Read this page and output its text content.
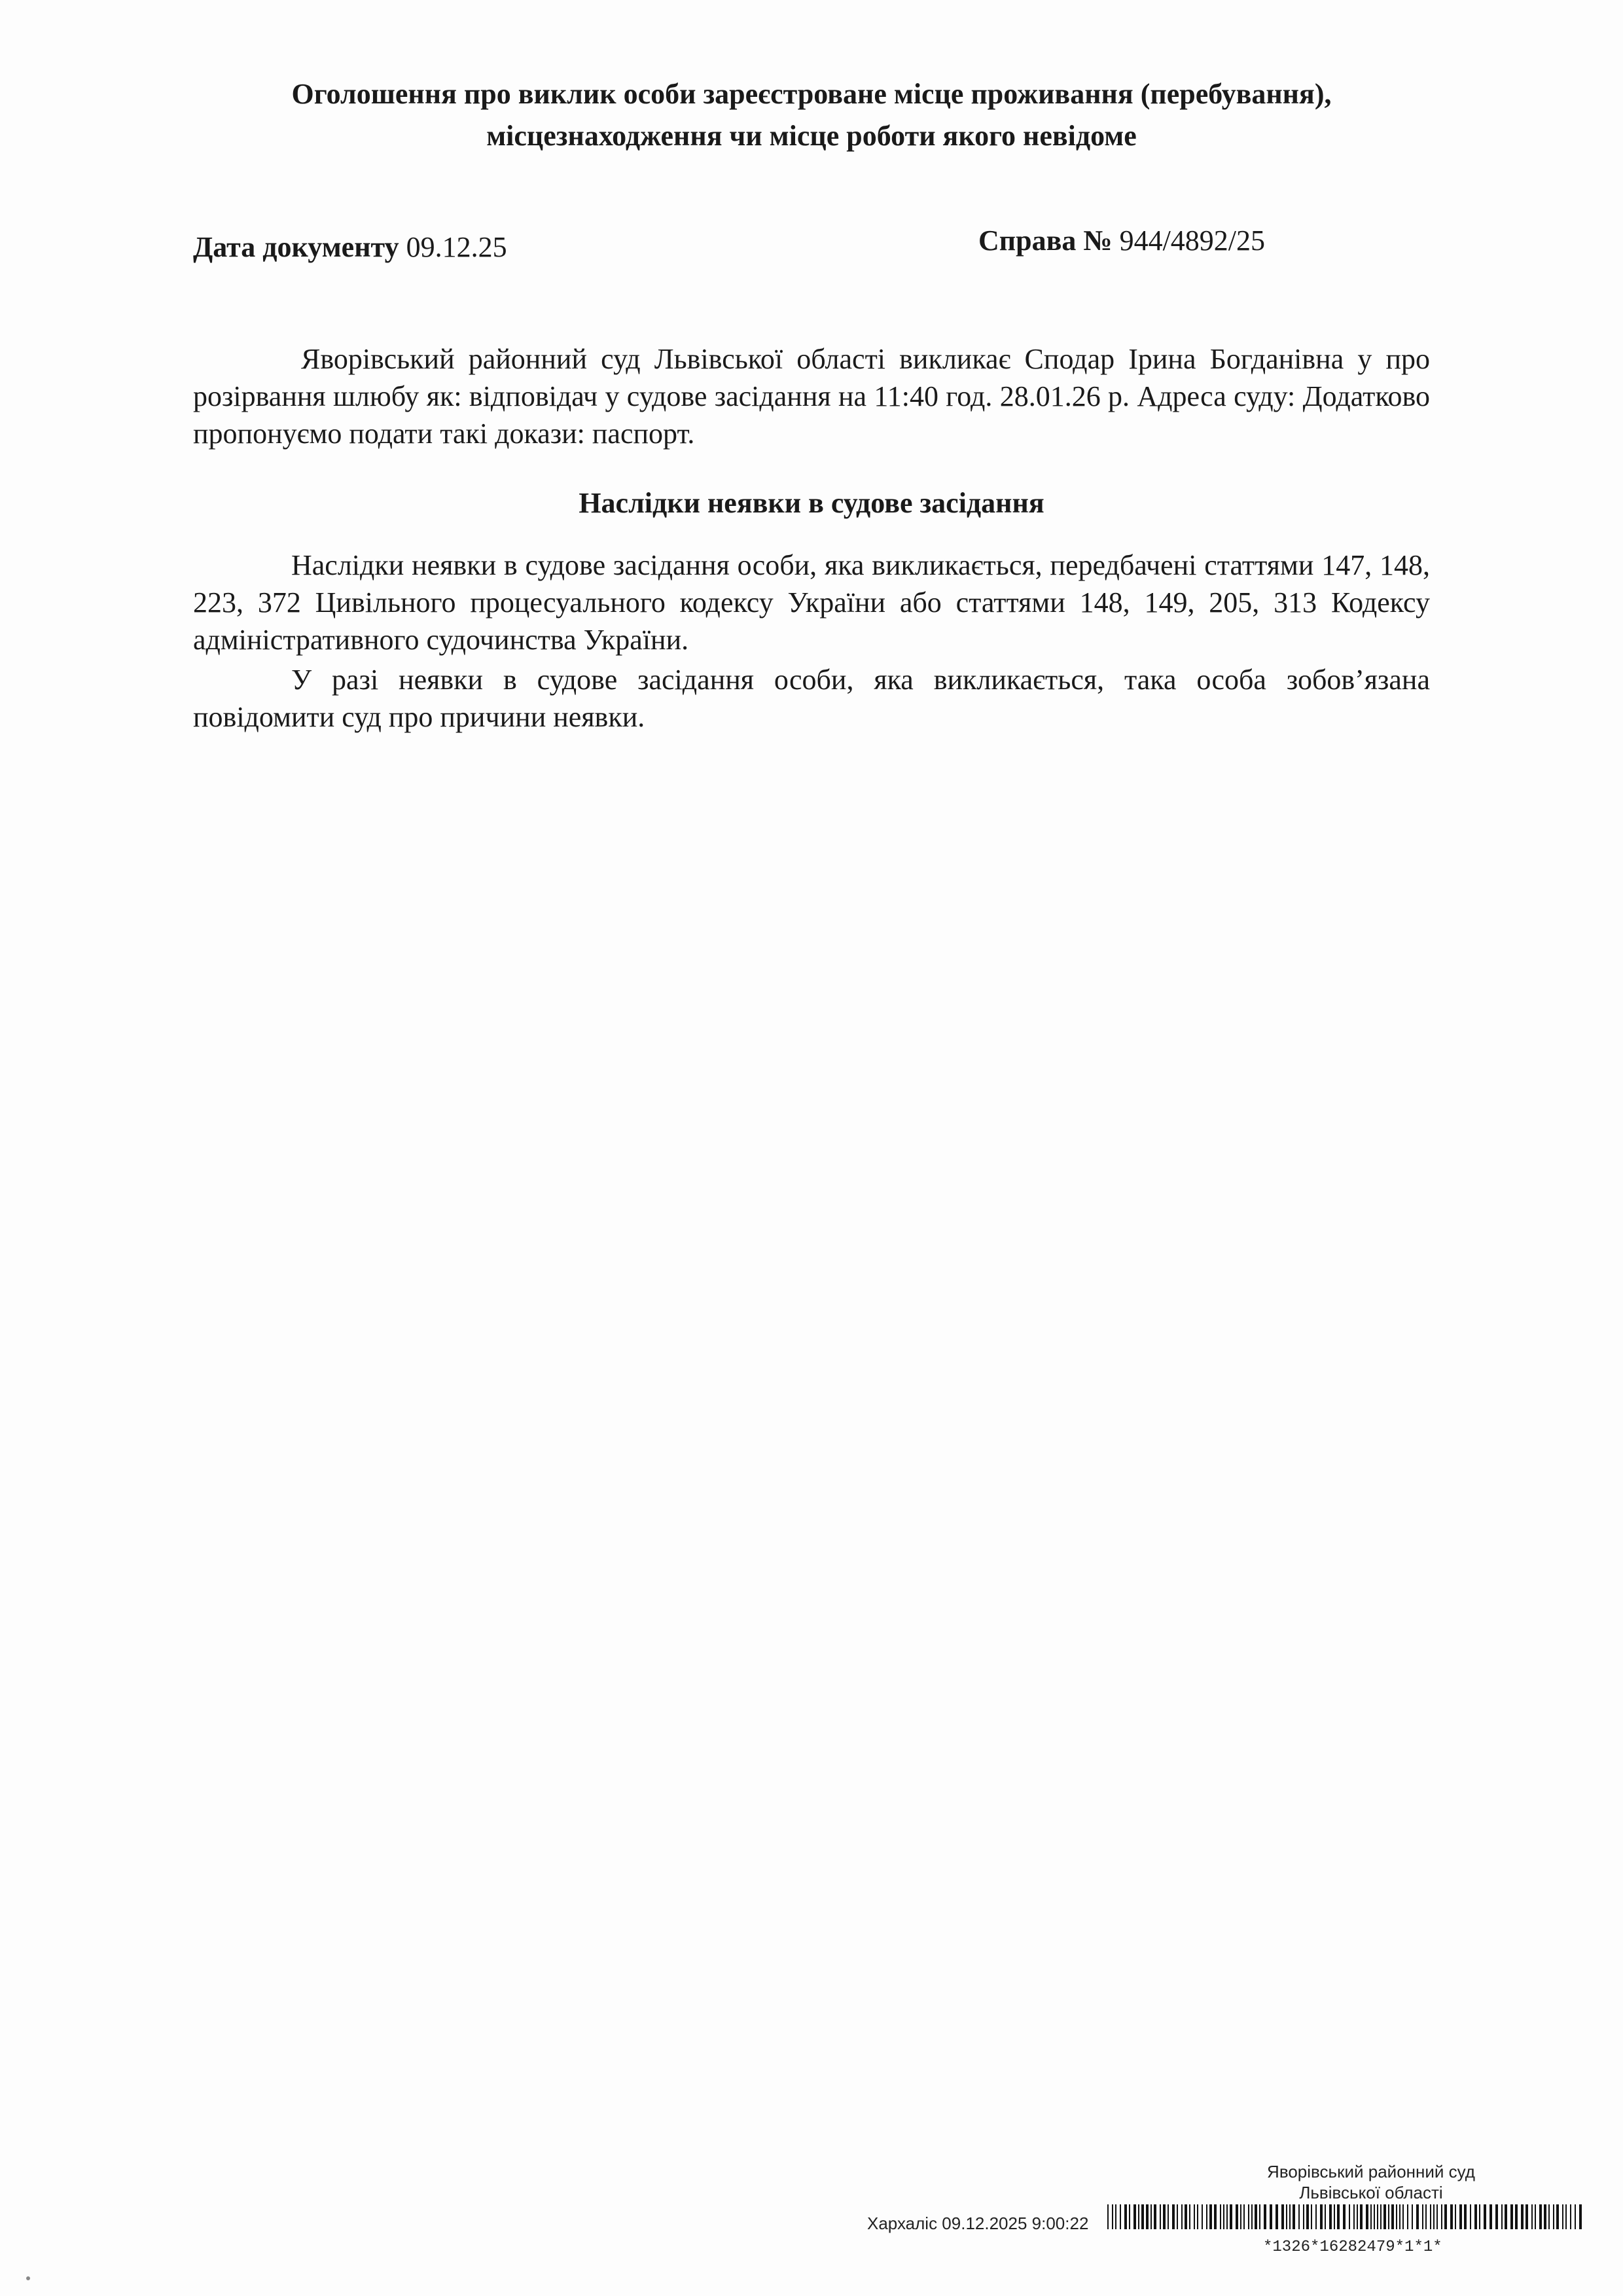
Оголошення про виклик особи зареєстроване місце проживання (перебування),
місцезнаходження чи місце роботи якого невідоме
Дата документу 09.12.25	Справа № 944/4892/25

Яворівський районний суд Львівської області викликає Сподар Ірина Богданівна у про розірвання шлюбу як: відповідач у судове засідання на 11:40 год. 28.01.26 р. Адреса суду: Додатково пропонуємо подати такі докази: паспорт.

Наслідки неявки в судове засідання

Наслідки неявки в судове засідання особи, яка викликається, передбачені статтями 147, 148, 223, 372 Цивільного процесуального кодексу України або статтями 148, 149, 205, 313 Кодексу адміністративного судочинства України.

У разі неявки в судове засідання особи, яка викликається, така особа зобов’язана повідомити суд про причини неявки.

Яворівський районний суд
Львівської області
Хархаліс 09.12.2025 9:00:22
*1326*16282479*1*1*
